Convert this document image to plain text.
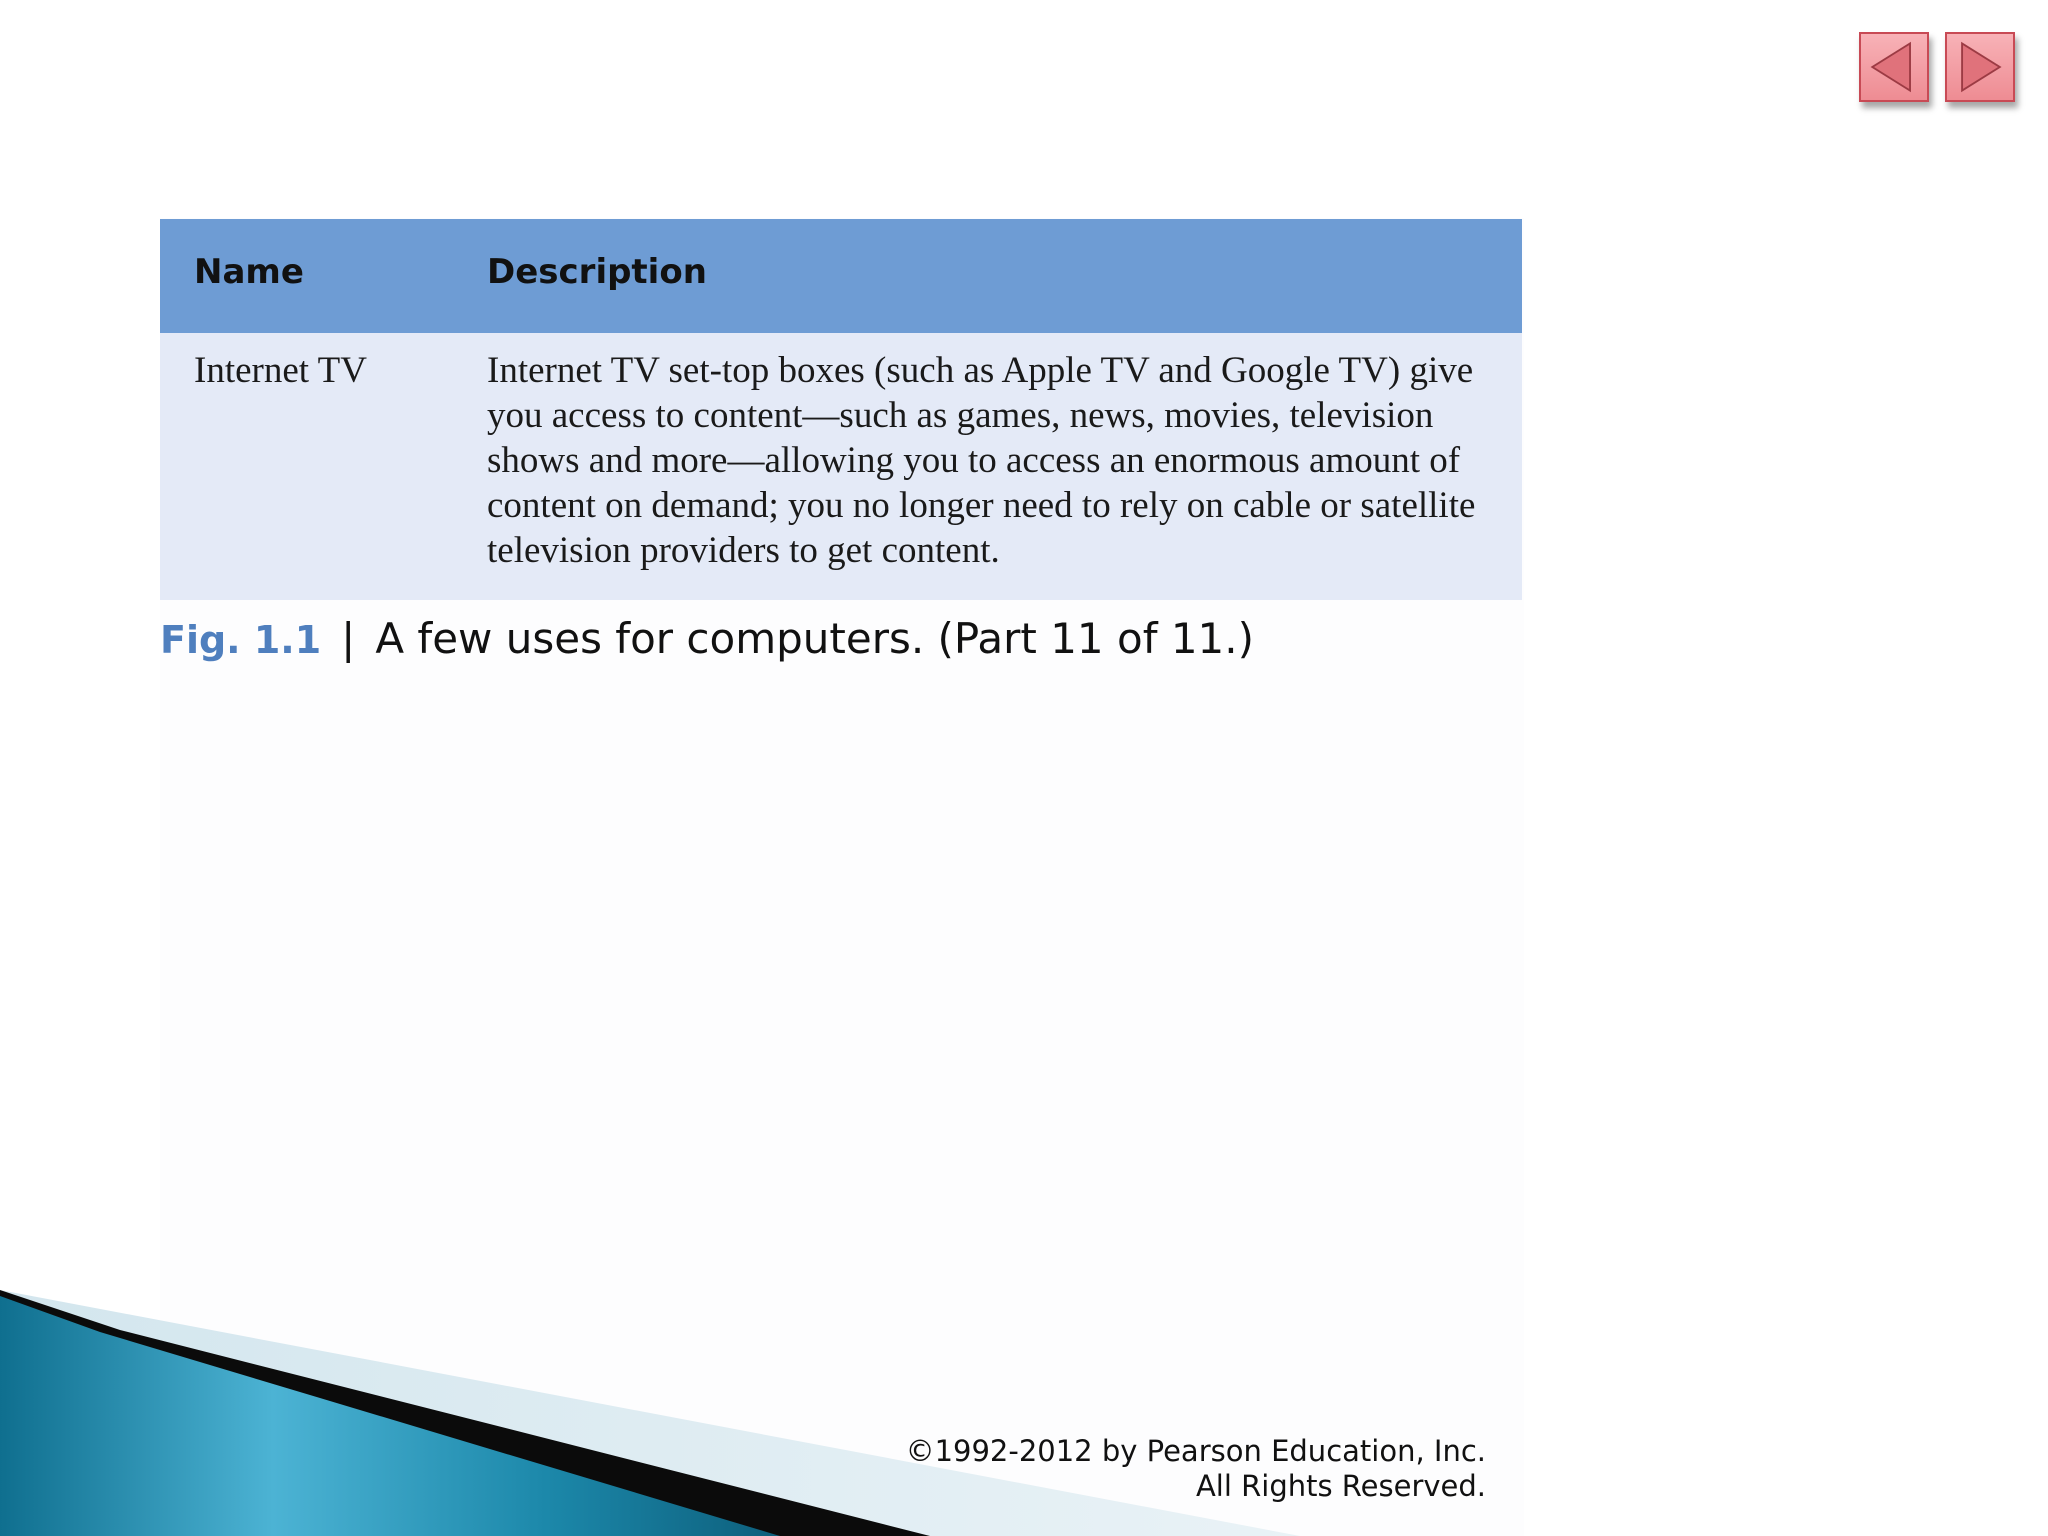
Name	Description
Internet TV	Internet TV set-top boxes (such as Apple TV and Google TV) give you access to content—such as games, news, movies, television shows and more—allowing you to access an enormous amount of content on demand; you no longer need to rely on cable or satellite television providers to get content.
Fig. 1.1 | A few uses for computers. (Part 11 of 11.)
©1992-2012 by Pearson Education, Inc.
All Rights Reserved.
